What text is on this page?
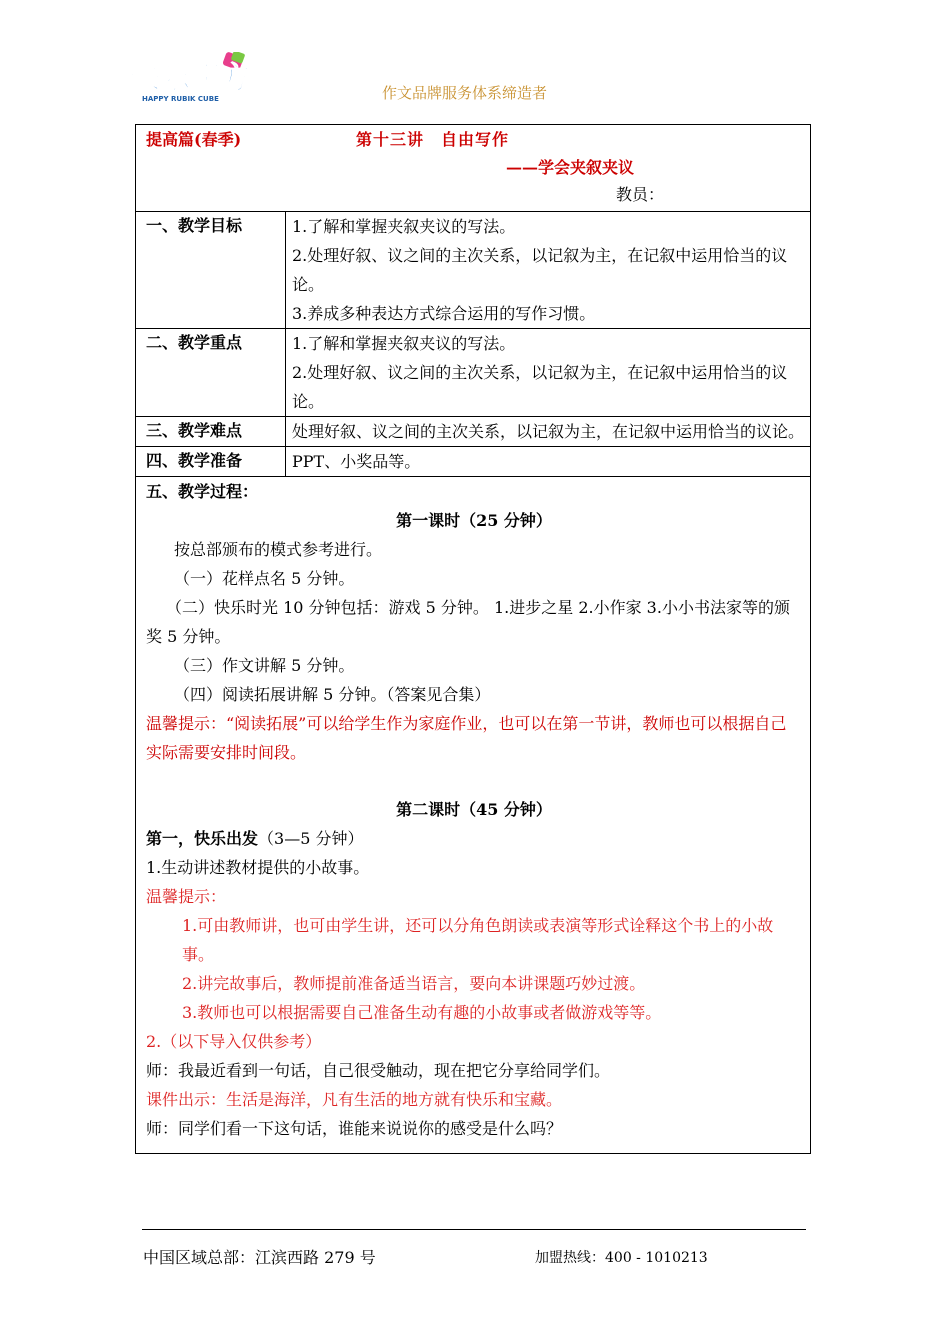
快乐魔方
HAPPY RUBIK CUBE	作文品牌服务体系缔造者
提高篇(春季)	第十三讲　自由写作
——学会夹叙夹议
教员：
一、教学目标	1.了解和掌握夹叙夹议的写法。
2.处理好叙、议之间的主次关系，以记叙为主，在记叙中运用恰当的议论。
3.养成多种表达方式综合运用的写作习惯。
二、教学重点	1.了解和掌握夹叙夹议的写法。
2.处理好叙、议之间的主次关系，以记叙为主，在记叙中运用恰当的议论。
三、教学难点	处理好叙、议之间的主次关系，以记叙为主，在记叙中运用恰当的议论。
四、教学准备	PPT、小奖品等。
五、教学过程：
第一课时（25 分钟）
按总部颁布的模式参考进行。
（一）花样点名 5 分钟。
（二）快乐时光 10 分钟包括：游戏 5 分钟。 1.进步之星 2.小作家 3.小小书法家等的颁奖 5 分钟。
（三）作文讲解 5 分钟。
（四）阅读拓展讲解 5 分钟。（答案见合集）
温馨提示：“阅读拓展”可以给学生作为家庭作业，也可以在第一节讲，教师也可以根据自己实际需要安排时间段。
第二课时（45 分钟）
第一，快乐出发（3—5 分钟）
1.生动讲述教材提供的小故事。
温馨提示：
1.可由教师讲，也可由学生讲，还可以分角色朗读或表演等形式诠释这个书上的小故事。
2.讲完故事后，教师提前准备适当语言，要向本讲课题巧妙过渡。
3.教师也可以根据需要自己准备生动有趣的小故事或者做游戏等等。
2.（以下导入仅供参考）
师：我最近看到一句话，自己很受触动，现在把它分享给同学们。
课件出示：生活是海洋，凡有生活的地方就有快乐和宝藏。
师：同学们看一下这句话，谁能来说说你的感受是什么吗？
中国区域总部：江滨西路 279 号	加盟热线：400 - 1010213
